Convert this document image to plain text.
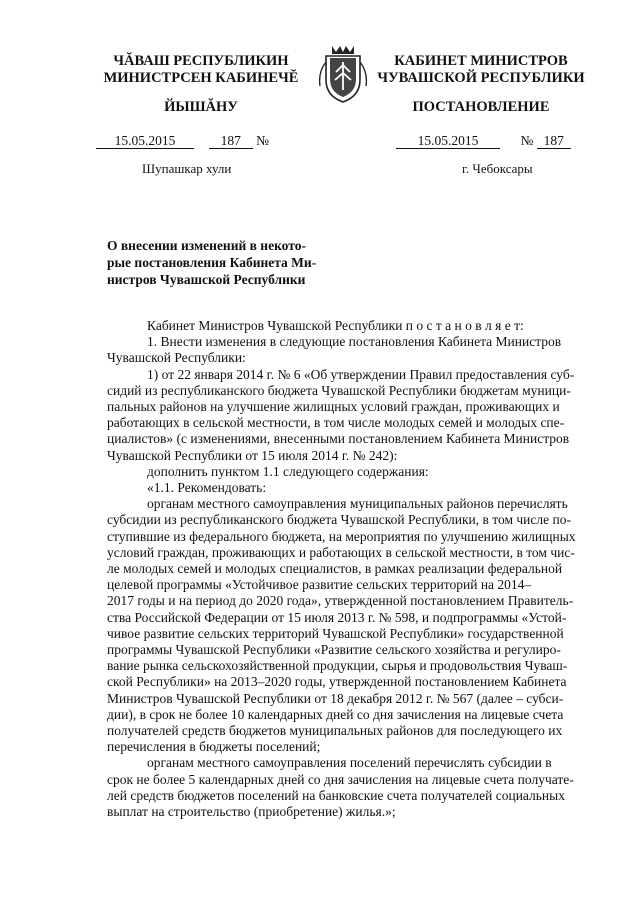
ЧĂВАШ РЕСПУБЛИКИН
МИНИСТРСЕН КАБИНЕЧĔ
ЙЫШĂНУ
КАБИНЕТ МИНИСТРОВ
ЧУВАШСКОЙ РЕСПУБЛИКИ
ПОСТАНОВЛЕНИЕ
15.05.2015	187 №
Шупашкар хули
15.05.2015	№ 187
г. Чебоксары

О внесении изменений в некото-

рые постановления Кабинета Ми-

нистров Чувашской Республики

Кабинет Министров Чувашской Республики п о с т а н о в л я е т:

1. Внести изменения в следующие постановления Кабинета Министров

Чувашской Республики:

1) от 22 января 2014 г. № 6 «Об утверждении Правил предоставления суб-

сидий из республиканского бюджета Чувашской Республики бюджетам муници-
пальных районов на улучшение жилищных условий граждан, проживающих и
работающих в сельской местности, в том числе молодых семей и молодых спе-
циалистов» (с изменениями, внесенными постановлением Кабинета Министров
Чувашской Республики от 15 июля 2014 г. № 242):

дополнить пунктом 1.1 следующего содержания:

«1.1. Рекомендовать:

органам местного самоуправления муниципальных районов перечислять

субсидии из республиканского бюджета Чувашской Республики, в том числе по-
ступившие из федерального бюджета, на мероприятия по улучшению жилищных
условий граждан, проживающих и работающих в сельской местности, в том чис-
ле молодых семей и молодых специалистов, в рамках реализации федеральной
целевой программы «Устойчивое развитие сельских территорий на 2014–
2017 годы и на период до 2020 года», утвержденной постановлением Правитель-
ства Российской Федерации от 15 июля 2013 г. № 598, и подпрограммы «Устой-
чивое развитие сельских территорий Чувашской Республики» государственной
программы Чувашской Республики «Развитие сельского хозяйства и регулиро-
вание рынка сельскохозяйственной продукции, сырья и продовольствия Чуваш-
ской Республики» на 2013–2020 годы, утвержденной постановлением Кабинета
Министров Чувашской Республики от 18 декабря 2012 г. № 567 (далее – субси-
дии), в срок не более 10 календарных дней со дня зачисления на лицевые счета
получателей средств бюджетов муниципальных районов для последующего их
перечисления в бюджеты поселений;

органам местного самоуправления поселений перечислять субсидии в

срок не более 5 календарных дней со дня зачисления на лицевые счета получате-
лей средств бюджетов поселений на банковские счета получателей социальных
выплат на строительство (приобретение) жилья.»;
